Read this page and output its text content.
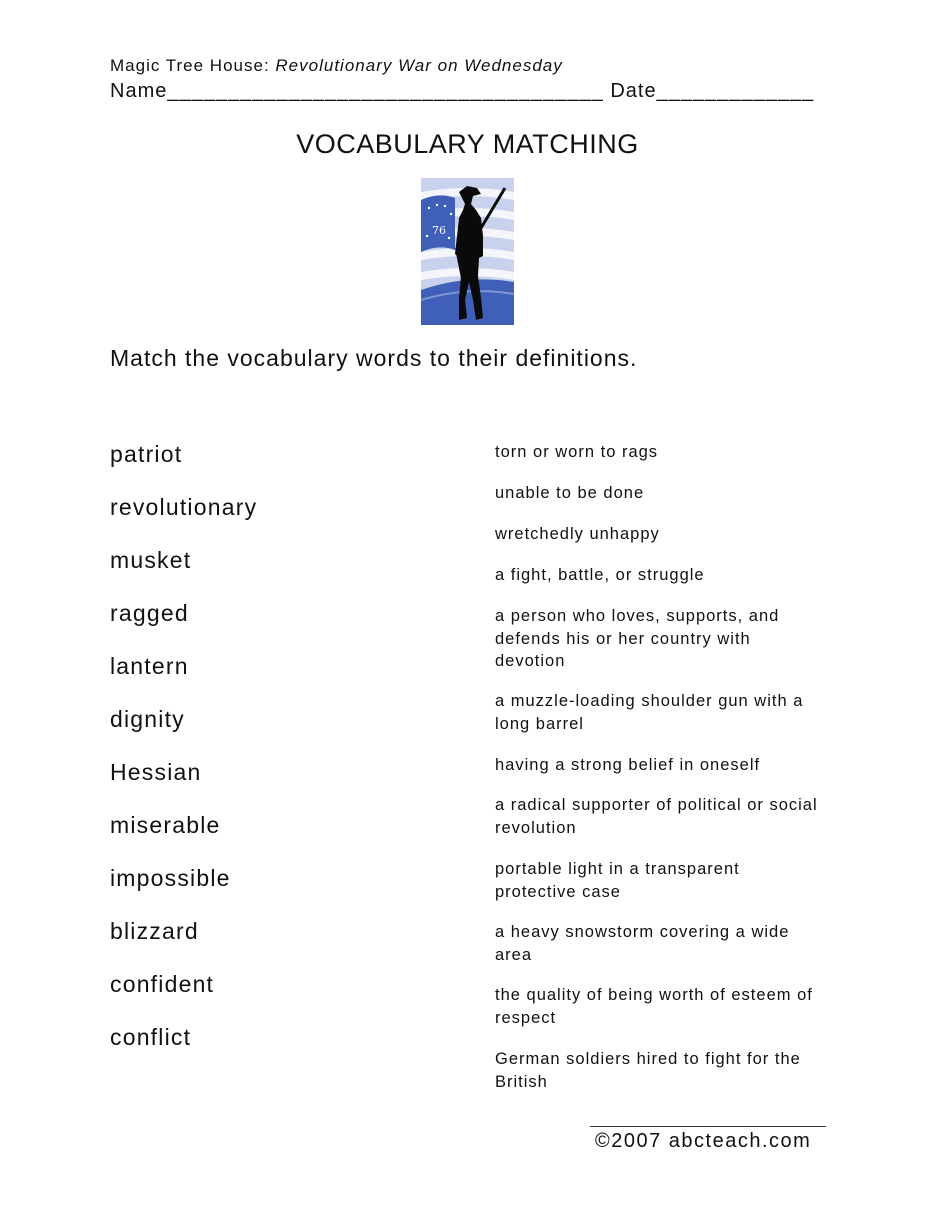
Magic Tree House: Revolutionary War on Wednesday
Name____________________________________ Date_____________
VOCABULARY MATCHING
76
Match the vocabulary words to their definitions.
patriot
revolutionary
musket
ragged
lantern
dignity
Hessian
miserable
impossible
blizzard
confident
conflict
torn or worn to rags
unable to be done
wretchedly unhappy
a fight, battle, or struggle
a person who loves, supports, and defends his or her country with devotion
a muzzle-loading shoulder gun with a long barrel
having a strong belief in oneself
a radical supporter of political or social revolution
portable light in a transparent protective case
a heavy snowstorm covering a wide area
the quality of being worth of esteem of respect
German soldiers hired to fight for the British
©2007 abcteach.com
